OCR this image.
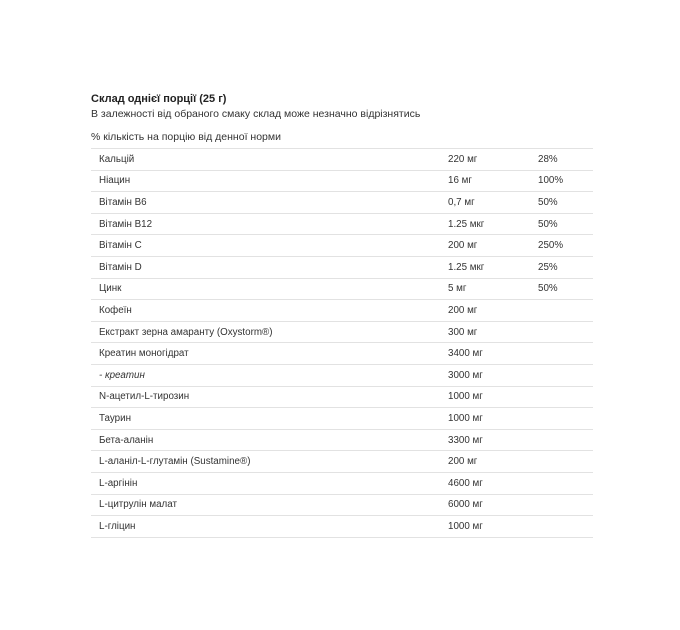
Склад однієї порції (25 г)
В залежності від обраного смаку склад може незначно відрізнятись
% кількість на порцію від денної норми
Кальцій	220 мг	28%
Ніацин	16 мг	100%
Вітамін В6	0,7 мг	50%
Вітамін В12	1.25 мкг	50%
Вітамін С	200 мг	250%
Вітамін D	1.25 мкг	25%
Цинк	5 мг	50%
Кофеїн	200 мг
Екстракт зерна амаранту (Oxystorm®)	300 мг
Креатин моногідрат	3400 мг
- креатин	3000 мг
N-ацетил-L-тирозин	1000 мг
Таурин	1000 мг
Бета-аланін	3300 мг
L-аланіл-L-глутамін (Sustamine®)	200 мг
L-аргінін	4600 мг
L-цитрулін малат	6000 мг
L-гліцин	1000 мг
